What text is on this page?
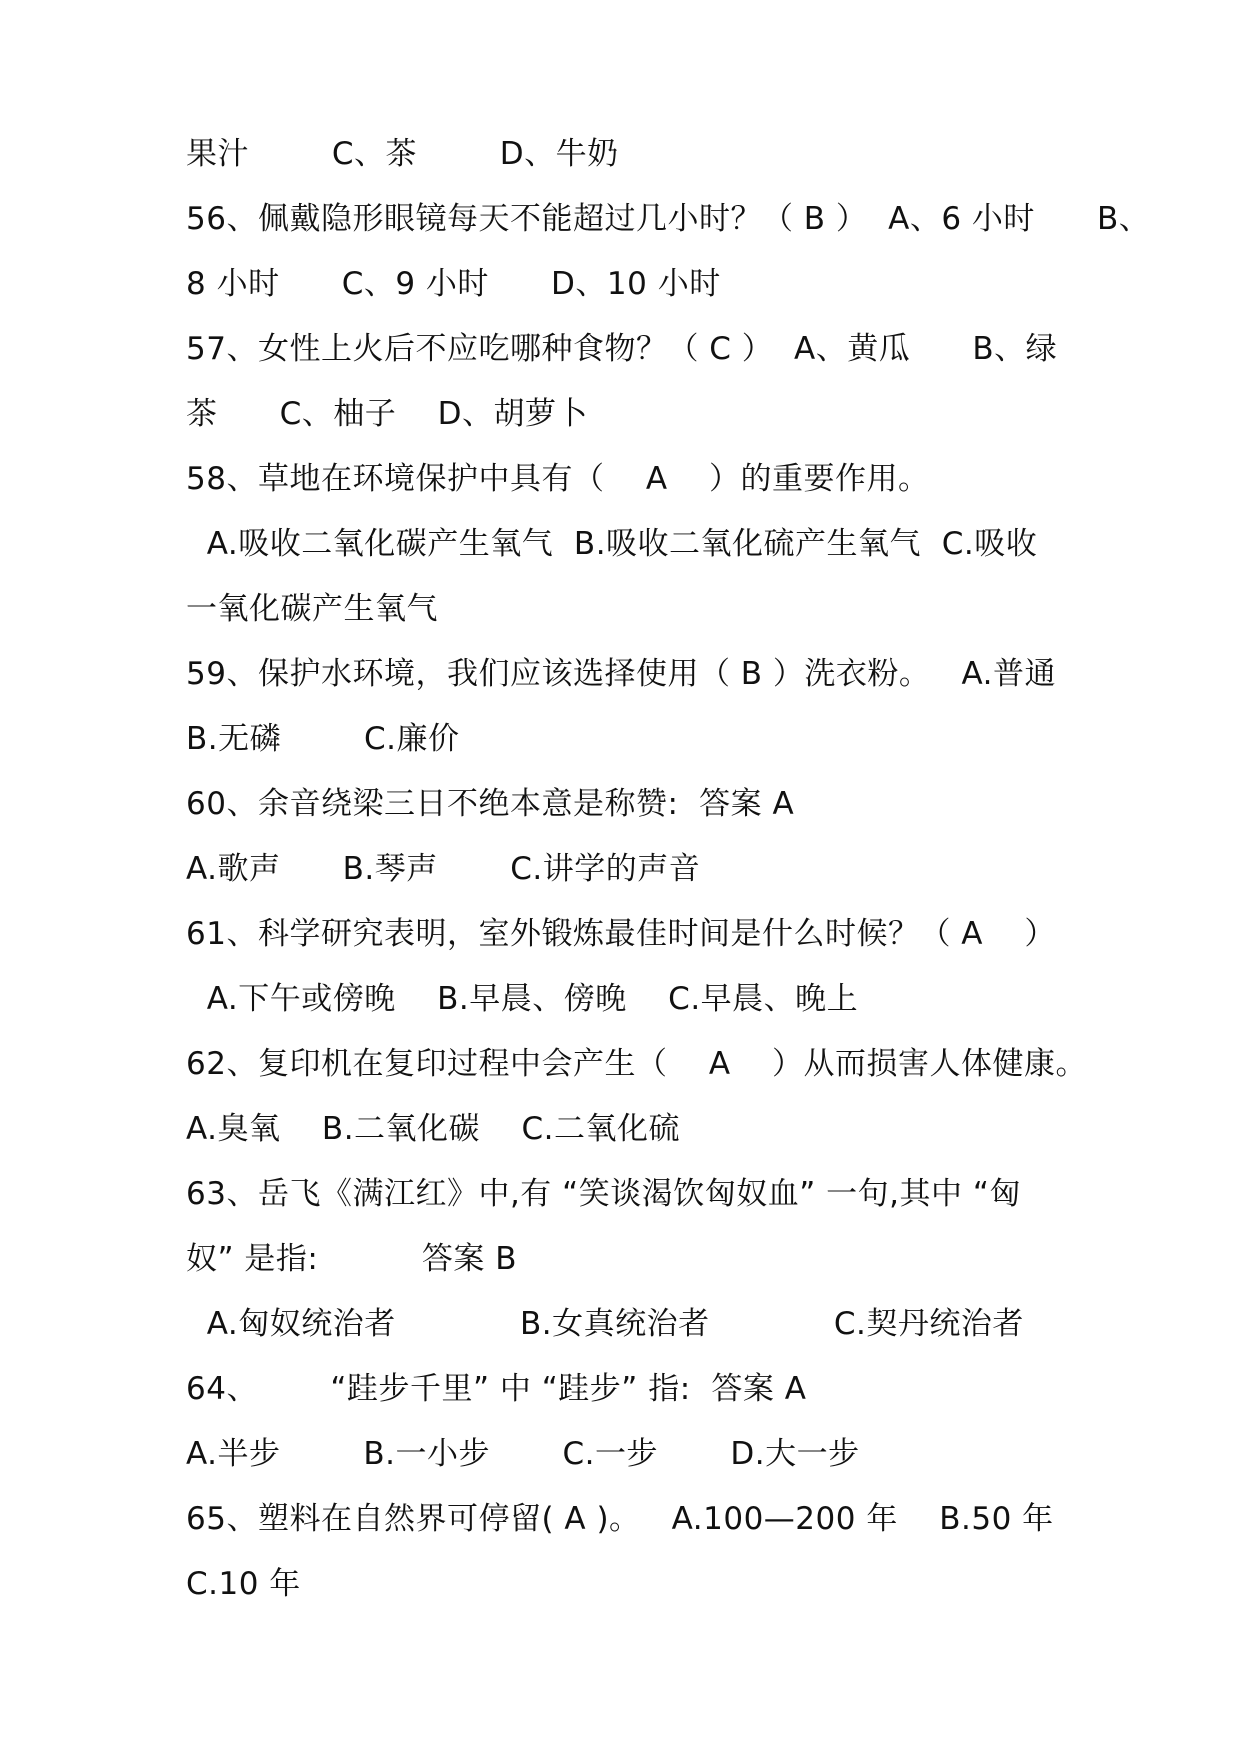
果汁        C、茶        D、牛奶
56、佩戴隐形眼镜每天不能超过几小时？（ B ）  A、6 小时      B、
8 小时      C、9 小时      D、10 小时
57、女性上火后不应吃哪种食物？（ C ）  A、黄瓜      B、绿
茶      C、柚子    D、胡萝卜
58、草地在环境保护中具有（    A    ）的重要作用。
A.吸收二氧化碳产生氧气  B.吸收二氧化硫产生氧气  C.吸收
一氧化碳产生氧气
59、保护水环境，我们应该选择使用（ B ）洗衣粉。   A.普通
B.无磷        C.廉价
60、余音绕梁三日不绝本意是称赞:  答案 A
A.歌声      B.琴声       C.讲学的声音
61、科学研究表明，室外锻炼最佳时间是什么时候？（ A    ）
A.下午或傍晚    B.早晨、傍晚    C.早晨、晚上
62、复印机在复印过程中会产生（    A    ）从而损害人体健康。
A.臭氧    B.二氧化碳    C.二氧化硫
63、岳飞《满江红》中,有 “笑谈渴饮匈奴血” 一句,其中 “匈
奴” 是指:          答案 B
A.匈奴统治者            B.女真统治者            C.契丹统治者
64、       “跬步千里” 中 “跬步” 指:  答案 A
A.半步        B.一小步       C.一步       D.大一步
65、塑料在自然界可停留( A )。   A.100—200 年    B.50 年
C.10 年
